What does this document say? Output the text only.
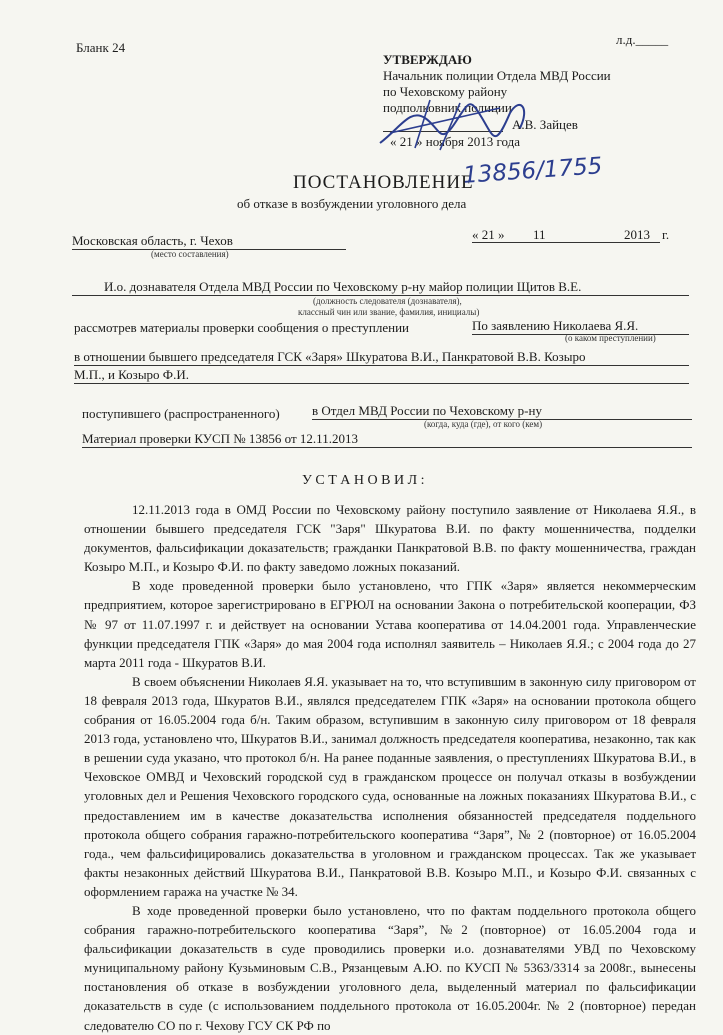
Бланк 24
л.д._____
УТВЕРЖДАЮ
Начальник полиции Отдела МВД России
по Чеховскому району
подполковник полиции
А.В. Зайцев
« 21 » ноября 2013 года
ПОСТАНОВЛЕНИЕ
13856/1755
об отказе в возбуждении уголовного дела
Московская область, г. Чехов
(место составления)
« 21 » 11	2013 г.
И.о. дознавателя Отдела МВД России по Чеховскому р-ну майор полиции Щитов В.Е.
(должность следователя (дознавателя),
классный чин или звание, фамилия, инициалы)
рассмотрев материалы проверки сообщения о преступлении	По заявлению Николаева Я.Я.
(о каком преступлении)
в отношении бывшего председателя ГСК «Заря» Шкуратова В.И., Панкратовой В.В. Козыро
М.П., и Козыро Ф.И.
поступившего (распространенного) в Отдел МВД России по Чеховскому р-ну
(когда, куда (где), от кого (кем)
Материал проверки КУСП № 13856 от 12.11.2013
У С Т А Н О В И Л :

12.11.2013 года в ОМД России по Чеховскому району поступило заявление от Николаева Я.Я., в отношении бывшего председателя ГСК "Заря" Шкуратова В.И. по факту мошенничества, подделки документов, фальсификации доказательств; гражданки Панкратовой В.В. по факту мошенничества, граждан Козыро М.П., и Козыро Ф.И. по факту заведомо ложных показаний.

В ходе проведенной проверки было установлено, что ГПК «Заря» является некоммерческим предприятием, которое зарегистрировано в ЕГРЮЛ на основании Закона о потребительской кооперации, ФЗ № 97 от 11.07.1997 г. и действует на основании Устава кооператива от 14.04.2001 года. Управленческие функции председателя ГПК «Заря» до мая 2004 года исполнял заявитель – Николаев Я.Я.; с 2004 года до 27 марта 2011 года - Шкуратов В.И.

В своем объяснении Николаев Я.Я. указывает на то, что вступившим в законную силу приговором от 18 февраля 2013 года, Шкуратов В.И., являлся председателем ГПК «Заря» на основании протокола общего собрания от 16.05.2004 года б/н. Таким образом, вступившим в законную силу приговором от 18 февраля 2013 года, установлено что, Шкуратов В.И., занимал должность председателя кооператива, незаконно, так как в решении суда указано, что протокол б/н. На ранее поданные заявления, о преступлениях Шкуратова В.И., в Чеховское ОМВД и Чеховский городской суд в гражданском процессе он получал отказы в возбуждении уголовных дел и Решения Чеховского городского суда, основанные на ложных показаниях Шкуратова В.И., с предоставлением им в качестве доказательства исполнения обязанностей председателя поддельного протокола общего собрания гаражно-потребительского кооператива “Заря”, № 2 (повторное) от 16.05.2004 года., чем фальсифицировались доказательства в уголовном и гражданском процессах. Так же указывает факты незаконных действий Шкуратова В.И., Панкратовой В.В. Козыро М.П., и Козыро Ф.И. связанных с оформлением гаража на участке № 34.

В ходе проведенной проверки было установлено, что по фактам поддельного протокола общего собрания гаражно-потребительского кооператива “Заря”, №2 (повторное) от 16.05.2004 года и фальсификации доказательств в суде проводились проверки и.о. дознавателями УВД по Чеховскому муниципальному району Кузьминовым С.В., Рязанцевым А.Ю. по КУСП № 5363/3314 за 2008г., вынесены постановления об отказе в возбуждении уголовного дела, выделенный материал по фальсификации доказательств в суде (с использованием поддельного протокола от 16.05.2004г. № 2 (повторное) передан следователю СО по г. Чехову ГСУ СК РФ по
